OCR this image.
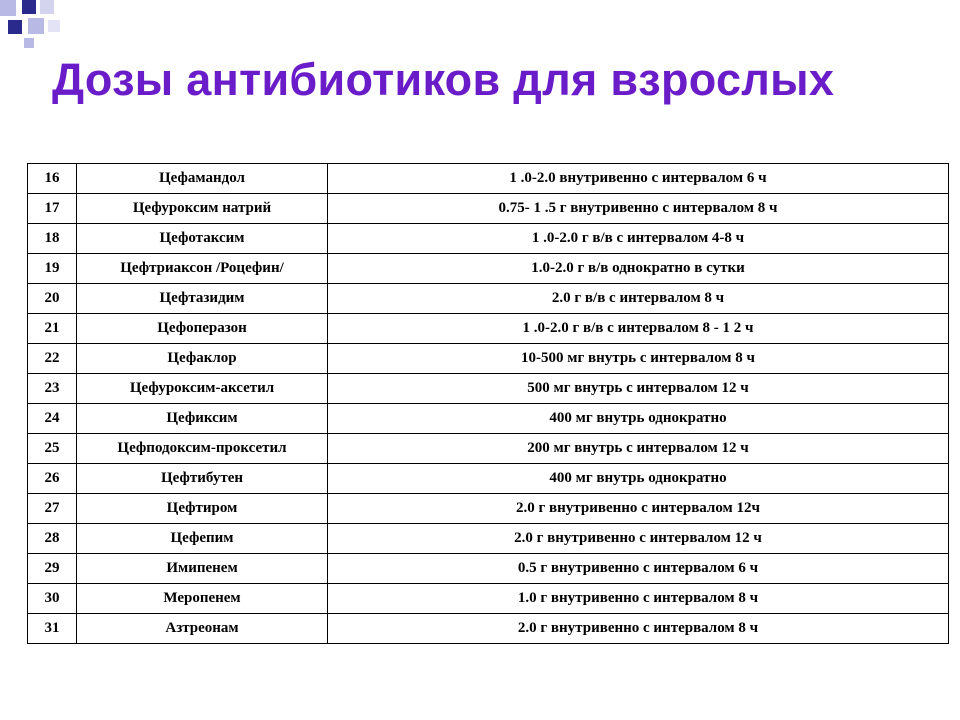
Дозы антибиотиков для взрослых
16	Цефамандол	1 .0-2.0 внутривенно с интервалом 6 ч
17	Цефуроксим натрий	0.75- 1 .5 г внутривенно с интервалом 8 ч
18	Цефотаксим	1 .0-2.0 г в/в с интервалом 4-8 ч
19	Цефтриаксон /Роцефин/	1.0-2.0 г в/в однократно в сутки
20	Цефтазидим	2.0 г в/в с интервалом 8 ч
21	Цефоперазон	1 .0-2.0 г в/в с интервалом 8 - 1 2 ч
22	Цефаклор	10-500 мг внутрь с интервалом 8 ч
23	Цефуроксим-аксетил	500 мг внутрь с интервалом 12 ч
24	Цефиксим	400 мг внутрь однократно
25	Цефподоксим-проксетил	200 мг внутрь с интервалом 12 ч
26	Цефтибутен	400 мг внутрь однократно
27	Цефтиром	2.0 г внутривенно с интервалом 12ч
28	Цефепим	2.0 г внутривенно с интервалом 12 ч
29	Имипенем	0.5 г внутривенно с интервалом 6 ч
30	Меропенем	1.0 г внутривенно с интервалом 8 ч
31	Азтреонам	2.0 г внутривенно с интервалом 8 ч
